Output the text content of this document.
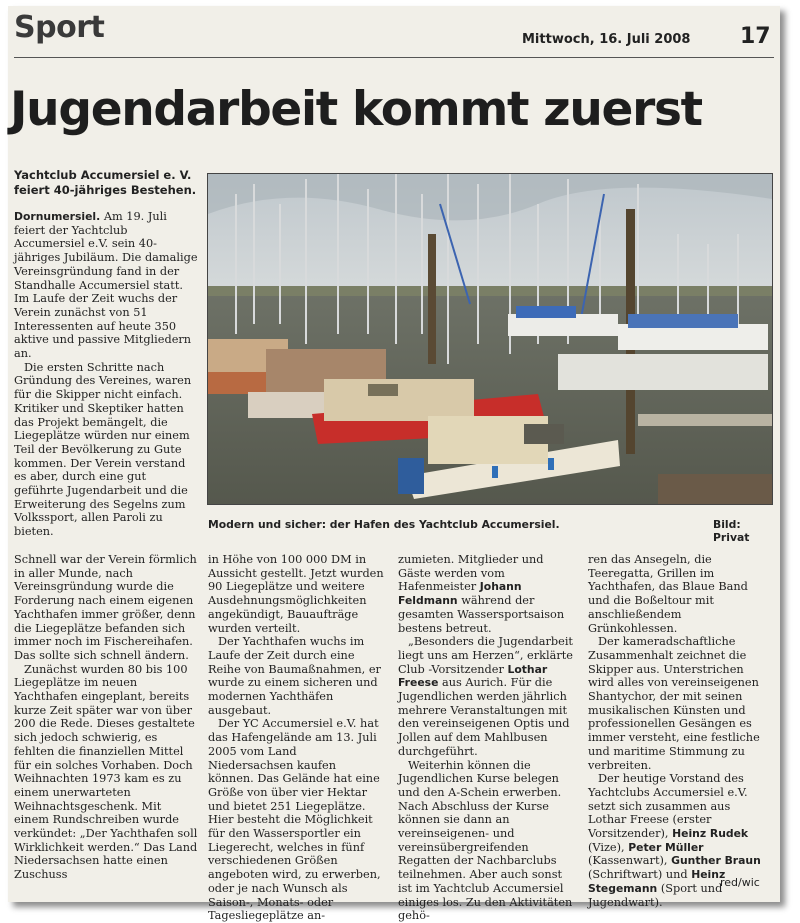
Sport	Mittwoch, 16. Juli 2008 17
Jugendarbeit kommt zuerst
Yachtclub Accumersiel e. V. feiert 40-jähriges Bestehen.

Dornumersiel. Am 19. Juli feiert der Yachtclub Accumersiel e.V. sein 40-jähriges Jubiläum. Die damalige Vereinsgründung fand in der Standhalle Accumersiel statt. Im Laufe der Zeit wuchs der Verein zunächst von 51 Interessenten auf heute 350 aktive und passive Mitgliedern an.

Die ersten Schritte nach Gründung des Vereines, waren für die Skipper nicht einfach. Kritiker und Skeptiker hatten das Projekt bemängelt, die Liegeplätze würden nur einem Teil der Bevölkerung zu Gute kommen. Der Verein verstand es aber, durch eine gut geführte Jugendarbeit und die Erweiterung des Segelns zum Volkssport, allen Paroli zu bieten.

Modern und sicher: der Hafen des Yachtclub Accumersiel.	Bild: Privat

Schnell war der Verein förmlich in aller Munde, nach Vereinsgründung wurde die Forderung nach einem eigenen Yachthafen immer größer, denn die Liegeplätze befanden sich immer noch im Fischereihafen. Das sollte sich schnell ändern.

Zunächst wurden 80 bis 100 Liegeplätze im neuen Yachthafen eingeplant, bereits kurze Zeit später war von über 200 die Rede. Dieses gestaltete sich jedoch schwierig, es fehlten die finanziellen Mittel für ein solches Vorhaben. Doch Weihnachten 1973 kam es zu einem unerwarteten Weihnachtsgeschenk. Mit einem Rundschreiben wurde verkündet: „Der Yachthafen soll Wirklichkeit werden.“ Das Land Niedersachsen hatte einen Zuschuss

in Höhe von 100 000 DM in Aussicht gestellt. Jetzt wurden 90 Liegeplätze und weitere Ausdehnungsmöglichkeiten angekündigt, Bauaufträge wurden verteilt.

Der Yachthafen wuchs im Laufe der Zeit durch eine Reihe von Baumaßnahmen, er wurde zu einem sicheren und modernen Yachthäfen ausgebaut.

Der YC Accumersiel e.V. hat das Hafengelände am 13. Juli 2005 vom Land Niedersachsen kaufen können. Das Gelände hat eine Größe von über vier Hektar und bietet 251 Liegeplätze. Hier besteht die Möglichkeit für den Wassersportler ein Liegerecht, welches in fünf verschiedenen Größen angeboten wird, zu erwerben, oder je nach Wunsch als Saison-, Monats- oder Tagesliegeplätze an-

zumieten. Mitglieder und Gäste werden vom Hafenmeister Johann Feldmann während der gesamten Wassersportsaison bestens betreut.

„Besonders die Jugendarbeit liegt uns am Herzen“, erklärte Club -Vorsitzender Lothar Freese aus Aurich. Für die Jugendlichen werden jährlich mehrere Veranstaltungen mit den vereinseigenen Optis und Jollen auf dem Mahlbusen durchgeführt.

Weiterhin können die Jugendlichen Kurse belegen und den A-Schein erwerben. Nach Abschluss der Kurse können sie dann an vereinseigenen- und vereinsübergreifenden Regatten der Nachbarclubs teilnehmen. Aber auch sonst ist im Yachtclub Accumersiel einiges los. Zu den Aktivitäten gehö-

ren das Ansegeln, die Teeregatta, Grillen im Yachthafen, das Blaue Band und die Boßeltour mit anschließendem Grünkohlessen.

Der kameradschaftliche Zusammenhalt zeichnet die Skipper aus. Unterstrichen wird alles von vereinseigenen Shantychor, der mit seinen musikalischen Künsten und professionellen Gesängen es immer versteht, eine festliche und maritime Stimmung zu verbreiten.

Der heutige Vorstand des Yachtclubs Accumersiel e.V. setzt sich zusammen aus Lothar Freese (erster Vorsitzender), Heinz Rudek (Vize), Peter Müller (Kassenwart), Gunther Braun (Schriftwart) und Heinz Stegemann (Sport und Jugendwart).

red/wic
